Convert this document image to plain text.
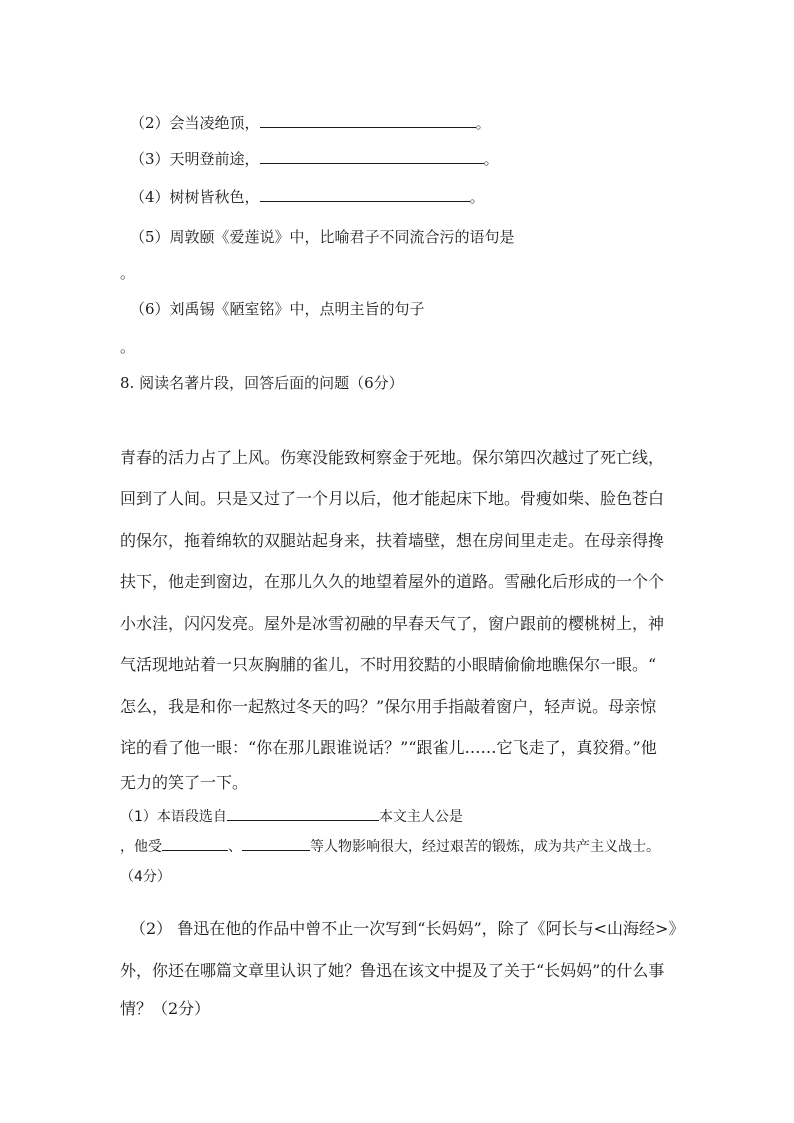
（2）会当凌绝顶，	。
（3）天明登前途，	。
（4）树树皆秋色，	。
（5）周敦颐《爱莲说》中，比喻君子不同流合污的语句是
。
（6）刘禹锡《陋室铭》中，点明主旨的句子
。
8. 阅读名著片段，回答后面的问题（6分）
青春的活力占了上风。伤寒没能致柯察金于死地。保尔第四次越过了死亡线，
回到了人间。只是又过了一个月以后，他才能起床下地。骨瘦如柴、脸色苍白
的保尔，拖着绵软的双腿站起身来，扶着墙壁，想在房间里走走。在母亲得搀
扶下，他走到窗边，在那儿久久的地望着屋外的道路。雪融化后形成的一个个
小水洼，闪闪发亮。屋外是冰雪初融的早春天气了，窗户跟前的樱桃树上，神
气活现地站着一只灰胸脯的雀儿，不时用狡黠的小眼睛偷偷地瞧保尔一眼。“
怎么，我是和你一起熬过冬天的吗？”保尔用手指敲着窗户，轻声说。母亲惊
诧的看了他一眼：“你在那儿跟谁说话？”“跟雀儿……它飞走了，真狡猾。”他
无力的笑了一下。
（1）本语段选自	本文主人公是
，他受	、	等人物影响很大，经过艰苦的锻炼，成为共产主义战士。
（4分）
（2） 鲁迅在他的作品中曾不止一次写到“长妈妈”，除了《阿长与<山海经>》
外，你还在哪篇文章里认识了她？鲁迅在该文中提及了关于“长妈妈”的什么事
情？（2分）
